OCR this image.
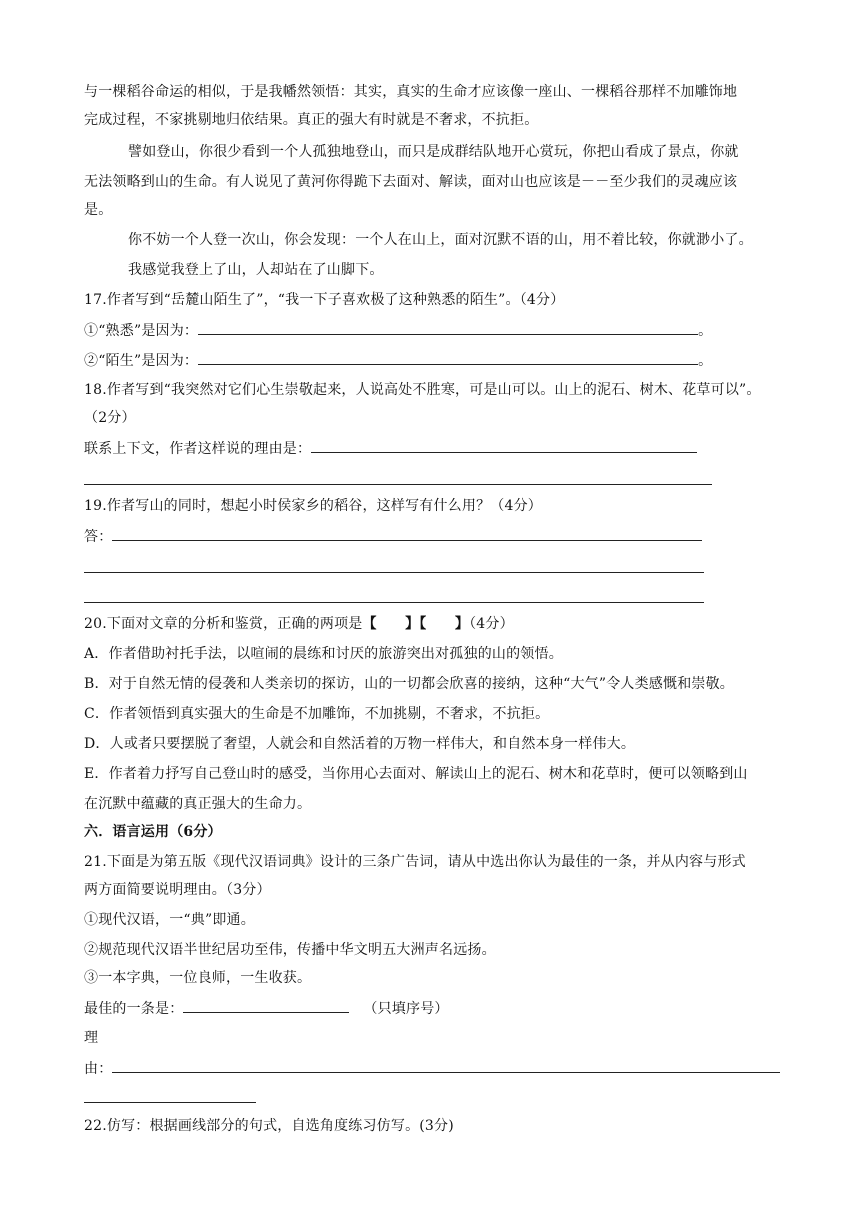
与一棵稻谷命运的相似，于是我幡然领悟：其实，真实的生命才应该像一座山、一棵稻谷那样不加雕饰地
完成过程，不家挑剔地归依结果。真正的强大有时就是不奢求，不抗拒。
譬如登山，你很少看到一个人孤独地登山，而只是成群结队地开心赏玩，你把山看成了景点，你就
无法领略到山的生命。有人说见了黄河你得跪下去面对、解读，面对山也应该是－－至少我们的灵魂应该
是。
你不妨一个人登一次山，你会发现：一个人在山上，面对沉默不语的山，用不着比较，你就渺小了。
我感觉我登上了山，人却站在了山脚下。
17.作者写到“岳麓山陌生了”，“我一下子喜欢极了这种熟悉的陌生”。（4分）
①“熟悉”是因为：	。
②“陌生”是因为：	。
18.作者写到“我突然对它们心生崇敬起来，人说高处不胜寒，可是山可以。山上的泥石、树木、花草可以”。
（2分）
联系上下文，作者这样说的理由是：
19.作者写山的同时，想起小时侯家乡的稻谷，这样写有什么用？（4分）
答：
20.下面对文章的分析和鉴赏，正确的两项是【　　】【　　】（4分）
A．作者借助衬托手法，以喧闹的晨练和讨厌的旅游突出对孤独的山的领悟。
B．对于自然无情的侵袭和人类亲切的探访，山的一切都会欣喜的接纳，这种“大气”令人类感慨和崇敬。
C．作者领悟到真实强大的生命是不加雕饰，不加挑剔，不奢求，不抗拒。
D．人或者只要摆脱了奢望，人就会和自然活着的万物一样伟大，和自然本身一样伟大。
E．作者着力抒写自己登山时的感受，当你用心去面对、解读山上的泥石、树木和花草时，便可以领略到山
在沉默中蕴藏的真正强大的生命力。
六．语言运用（6分）
21.下面是为第五版《现代汉语词典》设计的三条广告词，请从中选出你认为最佳的一条，并从内容与形式
两方面简要说明理由。（3分）
①现代汉语，一“典”即通。
②规范现代汉语半世纪居功至伟，传播中华文明五大洲声名远扬。
③一本字典，一位良师，一生收获。
最佳的一条是：	（只填序号）
理
由：
22.仿写：根据画线部分的句式，自选角度练习仿写。(3分)
